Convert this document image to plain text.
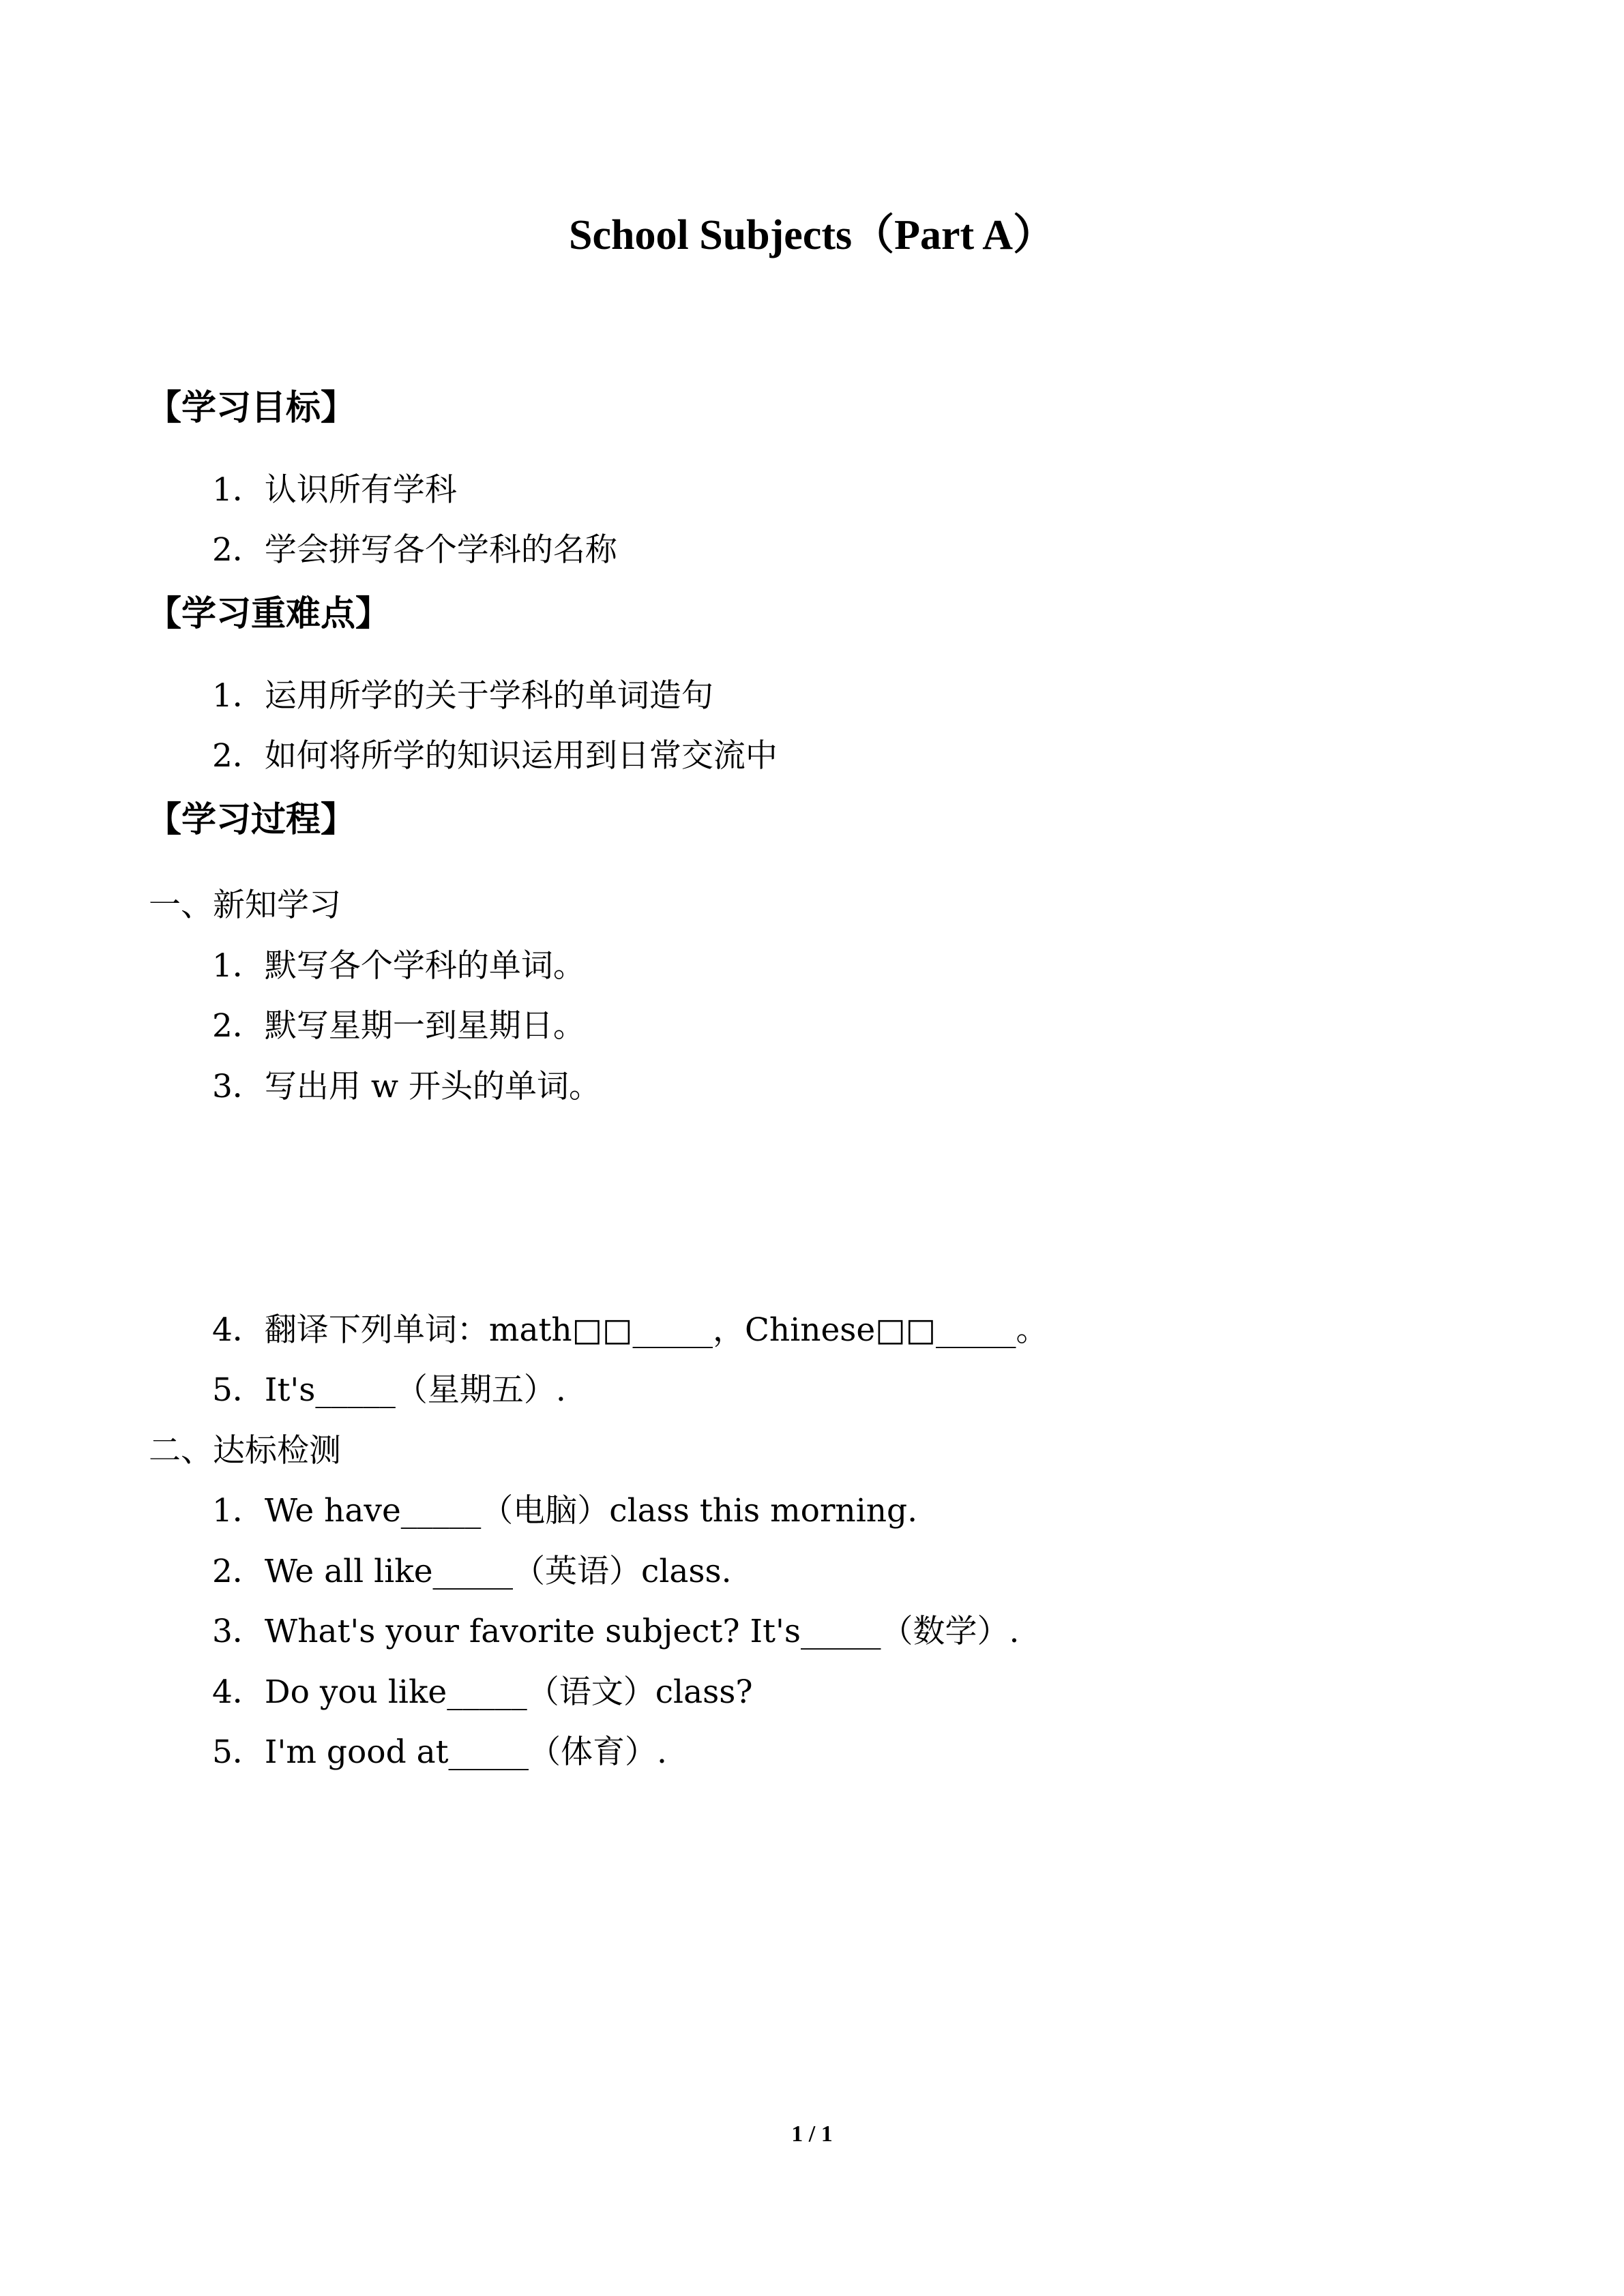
School Subjects（Part A）
【学习目标】
1．认识所有学科
2．学会拼写各个学科的名称
【学习重难点】
1．运用所学的关于学科的单词造句
2．如何将所学的知识运用到日常交流中
【学习过程】
一、新知学习
1．默写各个学科的单词。
2．默写星期一到星期日。
3．写出用 w 开头的单词。
4．翻译下列单词：math□□_____，Chinese□□_____。
5．It's_____（星期五）.
二、达标检测
1．We have_____（电脑）class this morning.
2．We all like_____（英语）class.
3．What's your favorite subject? It's_____（数学）.
4．Do you like_____（语文）class?
5．I'm good at_____（体育）.
1 / 1
